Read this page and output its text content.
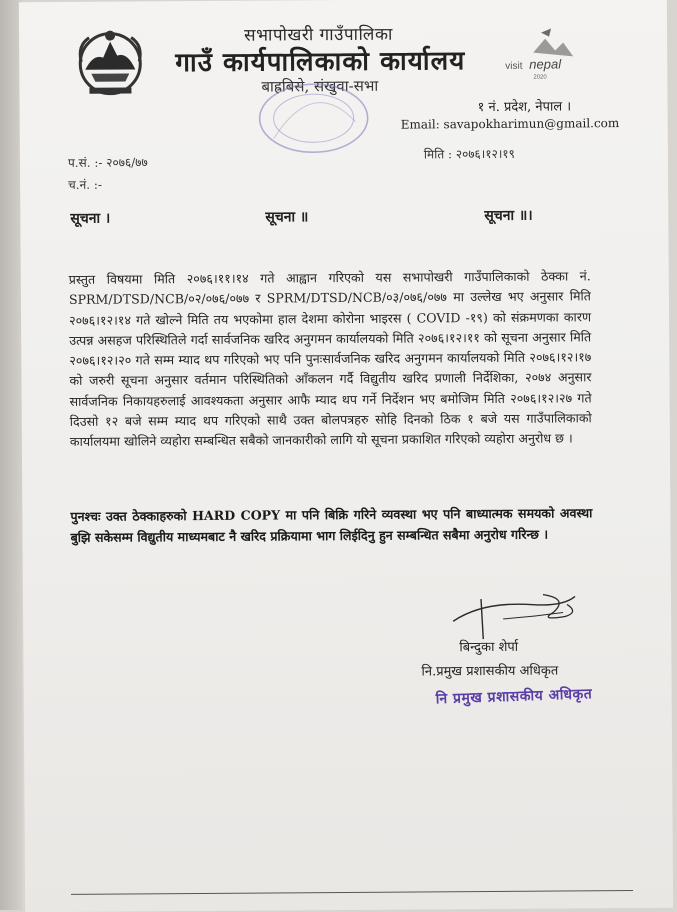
सभापोखरी गाउँपालिका
गाउँ कार्यपालिकाको कार्यालय
बाह्रबिसे, संखुवा-सभा
visit nepal
2020
१ नं. प्रदेश, नेपाल ।
Email: savapokharimun@gmail.com
प.सं. :- २०७६/७७
च.नं. :-
मिति : २०७६।१२।१९
सूचना ।	सूचना ॥	सूचना ॥।
प्रस्तुत विषयमा मिति २०७६।११।१४ गते आह्वान गरिएको यस सभापोखरी गाउँपालिकाको ठेक्का नं. SPRM/DTSD/NCB/०२/०७६/०७७ र SPRM/DTSD/NCB/०३/०७६/०७७ मा उल्लेख भए अनुसार मिति २०७६।१२।१४ गते खोल्ने मिति तय भएकोमा हाल देशमा कोरोना भाइरस ( COVID -१९) को संक्रमणका कारण उत्पन्न असहज परिस्थितिले गर्दा सार्वजनिक खरिद अनुगमन कार्यालयको मिति २०७६।१२।११ को सूचना अनुसार मिति २०७६।१२।२० गते सम्म म्याद थप गरिएको भए पनि पुनःसार्वजनिक खरिद अनुगमन कार्यालयको मिति २०७६।१२।१७ को जरुरी सूचना अनुसार वर्तमान परिस्थितिको आँकलन गर्दै विद्युतीय खरिद प्रणाली निर्देशिका, २०७४ अनुसार सार्वजनिक निकायहरुलाई आवश्यकता अनुसार आफै म्याद थप गर्ने निर्देशन भए बमोजिम मिति २०७६।१२।२७ गते दिउसो १२ बजे सम्म म्याद थप गरिएको साथै उक्त बोलपत्रहरु सोहि दिनको ठिक १ बजे यस गाउँपालिकाको कार्यालयमा खोलिने व्यहोरा सम्बन्धित सबैको जानकारीको लागि यो सूचना प्रकाशित गरिएको व्यहोरा अनुरोध छ ।
पुनश्चः उक्त ठेक्काहरुको HARD COPY मा पनि बिक्रि गरिने व्यवस्था भए पनि बाध्यात्मक समयको अवस्था बुझि सकेसम्म विद्युतीय माध्यमबाट नै खरिद प्रक्रियामा भाग लिईदिनु हुन सम्बन्धित सबैमा अनुरोध गरिन्छ ।
बिन्दुका शेर्पा
नि.प्रमुख प्रशासकीय अधिकृत
नि प्रमुख प्रशासकीय अधिकृत
